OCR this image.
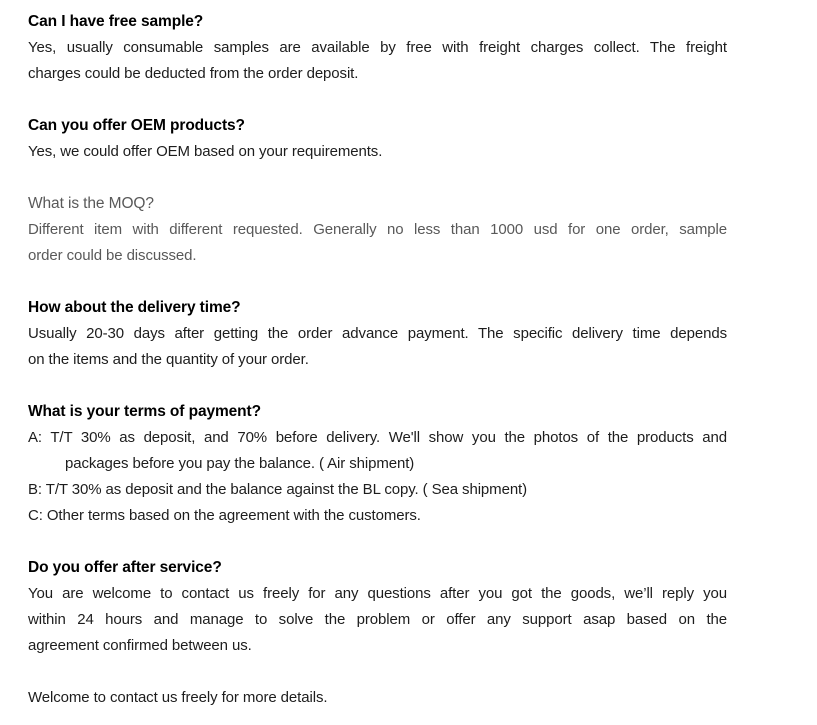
Can I have free sample?
Yes, usually consumable samples are available by free with freight charges collect. The freight
charges could be deducted from the order deposit.
Can you offer OEM products?
Yes, we could offer OEM based on your requirements.
What is the MOQ?
Different item with different requested. Generally no less than 1000 usd for one order, sample
order could be discussed.
How about the delivery time?
Usually 20-30 days after getting the order advance payment. The specific delivery time depends
on the items and the quantity of your order.
What is your terms of payment?
A: T/T 30% as deposit, and 70% before delivery. We'll show you the photos of the products and
packages before you pay the balance. ( Air shipment)
B: T/T 30% as deposit and the balance against the BL copy. ( Sea shipment)
C: Other terms based on the agreement with the customers.
Do you offer after service?
You are welcome to contact us freely for any questions after you got the goods, we’ll reply you
within 24 hours and manage to solve the problem or offer any support asap based on the
agreement confirmed between us.
Welcome to contact us freely for more details.
